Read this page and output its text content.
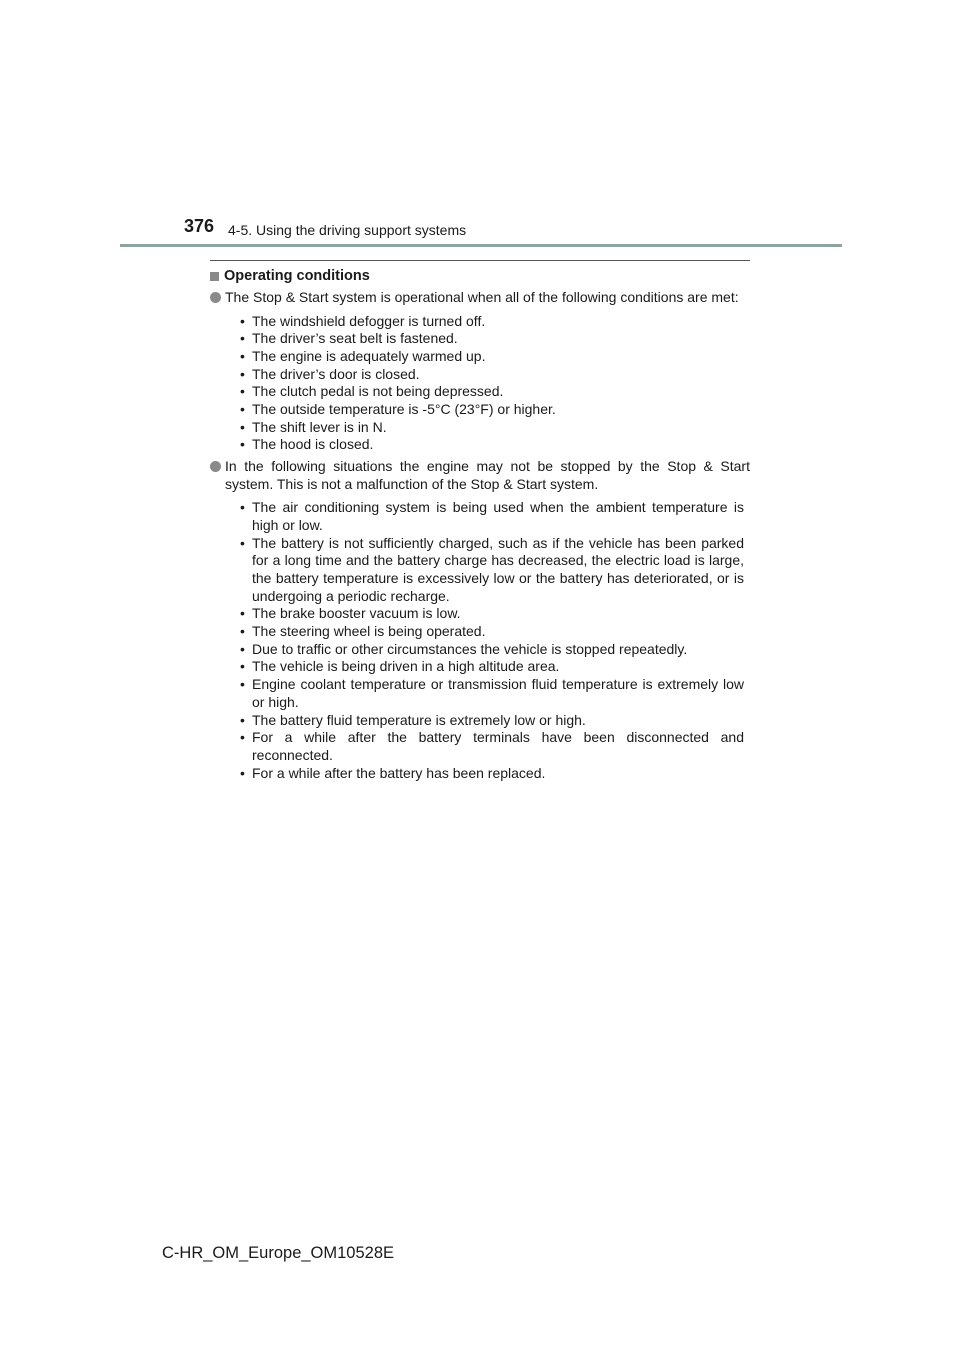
376 4-5. Using the driving support systems
Operating conditions
The Stop & Start system is operational when all of the following conditions are met:
• The windshield defogger is turned off.
• The driver’s seat belt is fastened.
• The engine is adequately warmed up.
• The driver’s door is closed.
• The clutch pedal is not being depressed.
• The outside temperature is -5°C (23°F) or higher.
• The shift lever is in N.
• The hood is closed.
In the following situations the engine may not be stopped by the Stop & Start system. This is not a malfunction of the Stop & Start system.
• The air conditioning system is being used when the ambient temperature is high or low.
• The battery is not sufficiently charged, such as if the vehicle has been parked for a long time and the battery charge has decreased, the electric load is large, the battery temperature is excessively low or the battery has deteriorated, or is undergoing a periodic recharge.
• The brake booster vacuum is low.
• The steering wheel is being operated.
• Due to traffic or other circumstances the vehicle is stopped repeatedly.
• The vehicle is being driven in a high altitude area.
• Engine coolant temperature or transmission fluid temperature is extremely low or high.
• The battery fluid temperature is extremely low or high.
• For a while after the battery terminals have been disconnected and reconnected.
• For a while after the battery has been replaced.
C-HR_OM_Europe_OM10528E
